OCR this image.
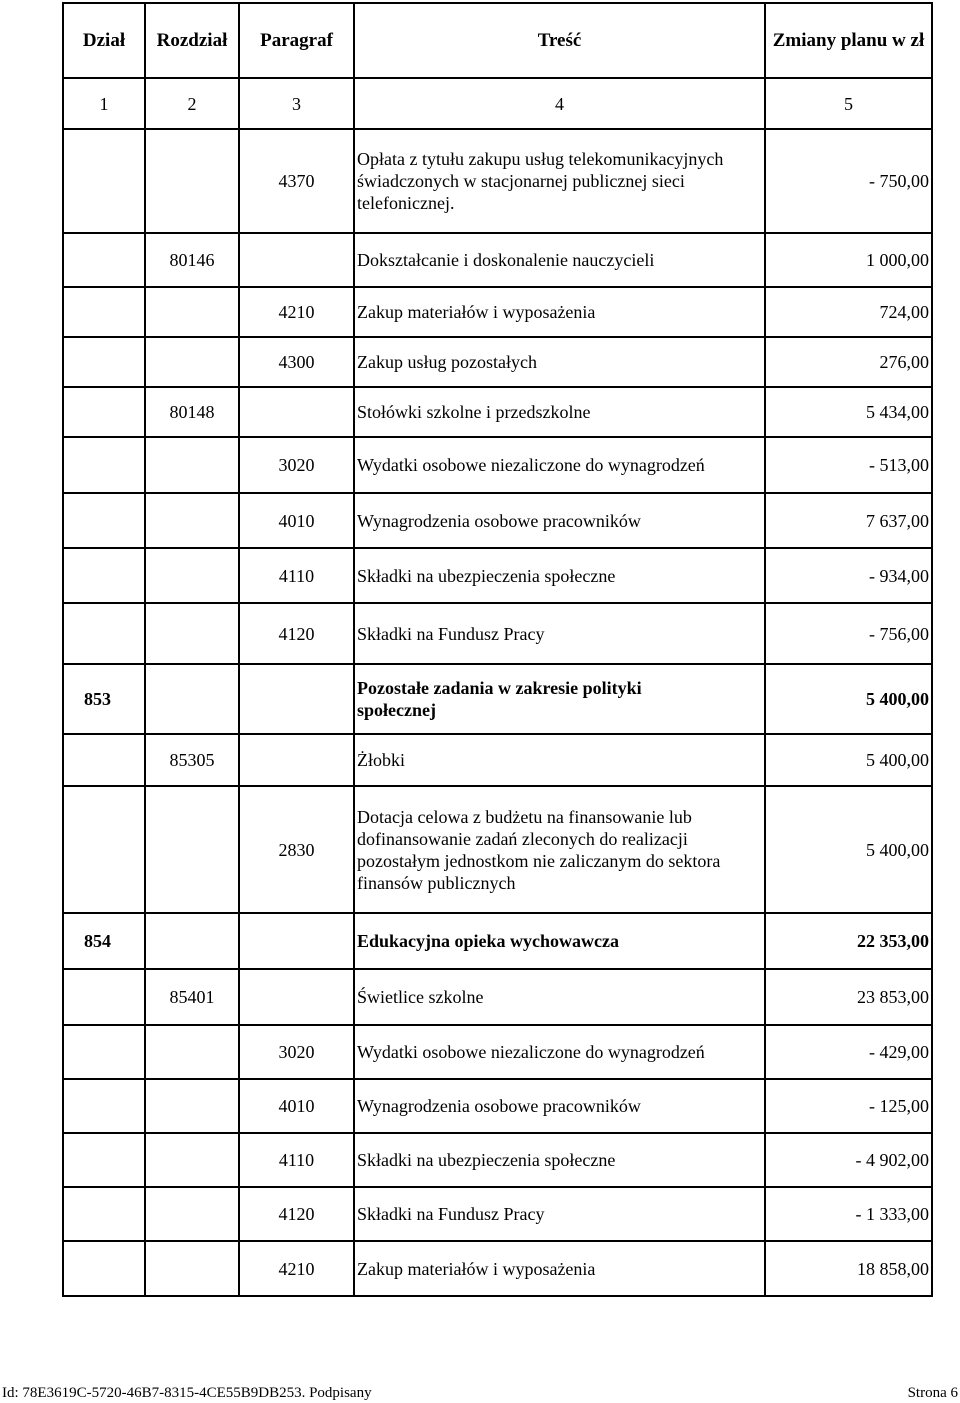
Dział	Rozdział	Paragraf	Treść	Zmiany planu w zł
1	2	3	4	5
		4370	Opłata z tytułu zakupu usług telekomunikacyjnych świadczonych w stacjonarnej publicznej sieci telefonicznej.	- 750,00
	80146		Dokształcanie i doskonalenie nauczycieli	1 000,00
		4210	Zakup materiałów i wyposażenia	724,00
		4300	Zakup usług pozostałych	276,00
	80148		Stołówki szkolne i przedszkolne	5 434,00
		3020	Wydatki osobowe niezaliczone do wynagrodzeń	- 513,00
		4010	Wynagrodzenia osobowe pracowników	7 637,00
		4110	Składki na ubezpieczenia społeczne	- 934,00
		4120	Składki na Fundusz Pracy	- 756,00
853			Pozostałe zadania w zakresie polityki społecznej	5 400,00
	85305		Żłobki	5 400,00
		2830	Dotacja celowa z budżetu na finansowanie lub dofinansowanie zadań zleconych do realizacji pozostałym jednostkom nie zaliczanym do sektora finansów publicznych	5 400,00
854			Edukacyjna opieka wychowawcza	22 353,00
	85401		Świetlice szkolne	23 853,00
		3020	Wydatki osobowe niezaliczone do wynagrodzeń	- 429,00
		4010	Wynagrodzenia osobowe pracowników	- 125,00
		4110	Składki na ubezpieczenia społeczne	- 4 902,00
		4120	Składki na Fundusz Pracy	- 1 333,00
		4210	Zakup materiałów i wyposażenia	18 858,00
Id: 78E3619C-5720-46B7-8315-4CE55B9DB253. Podpisany	Strona 6
